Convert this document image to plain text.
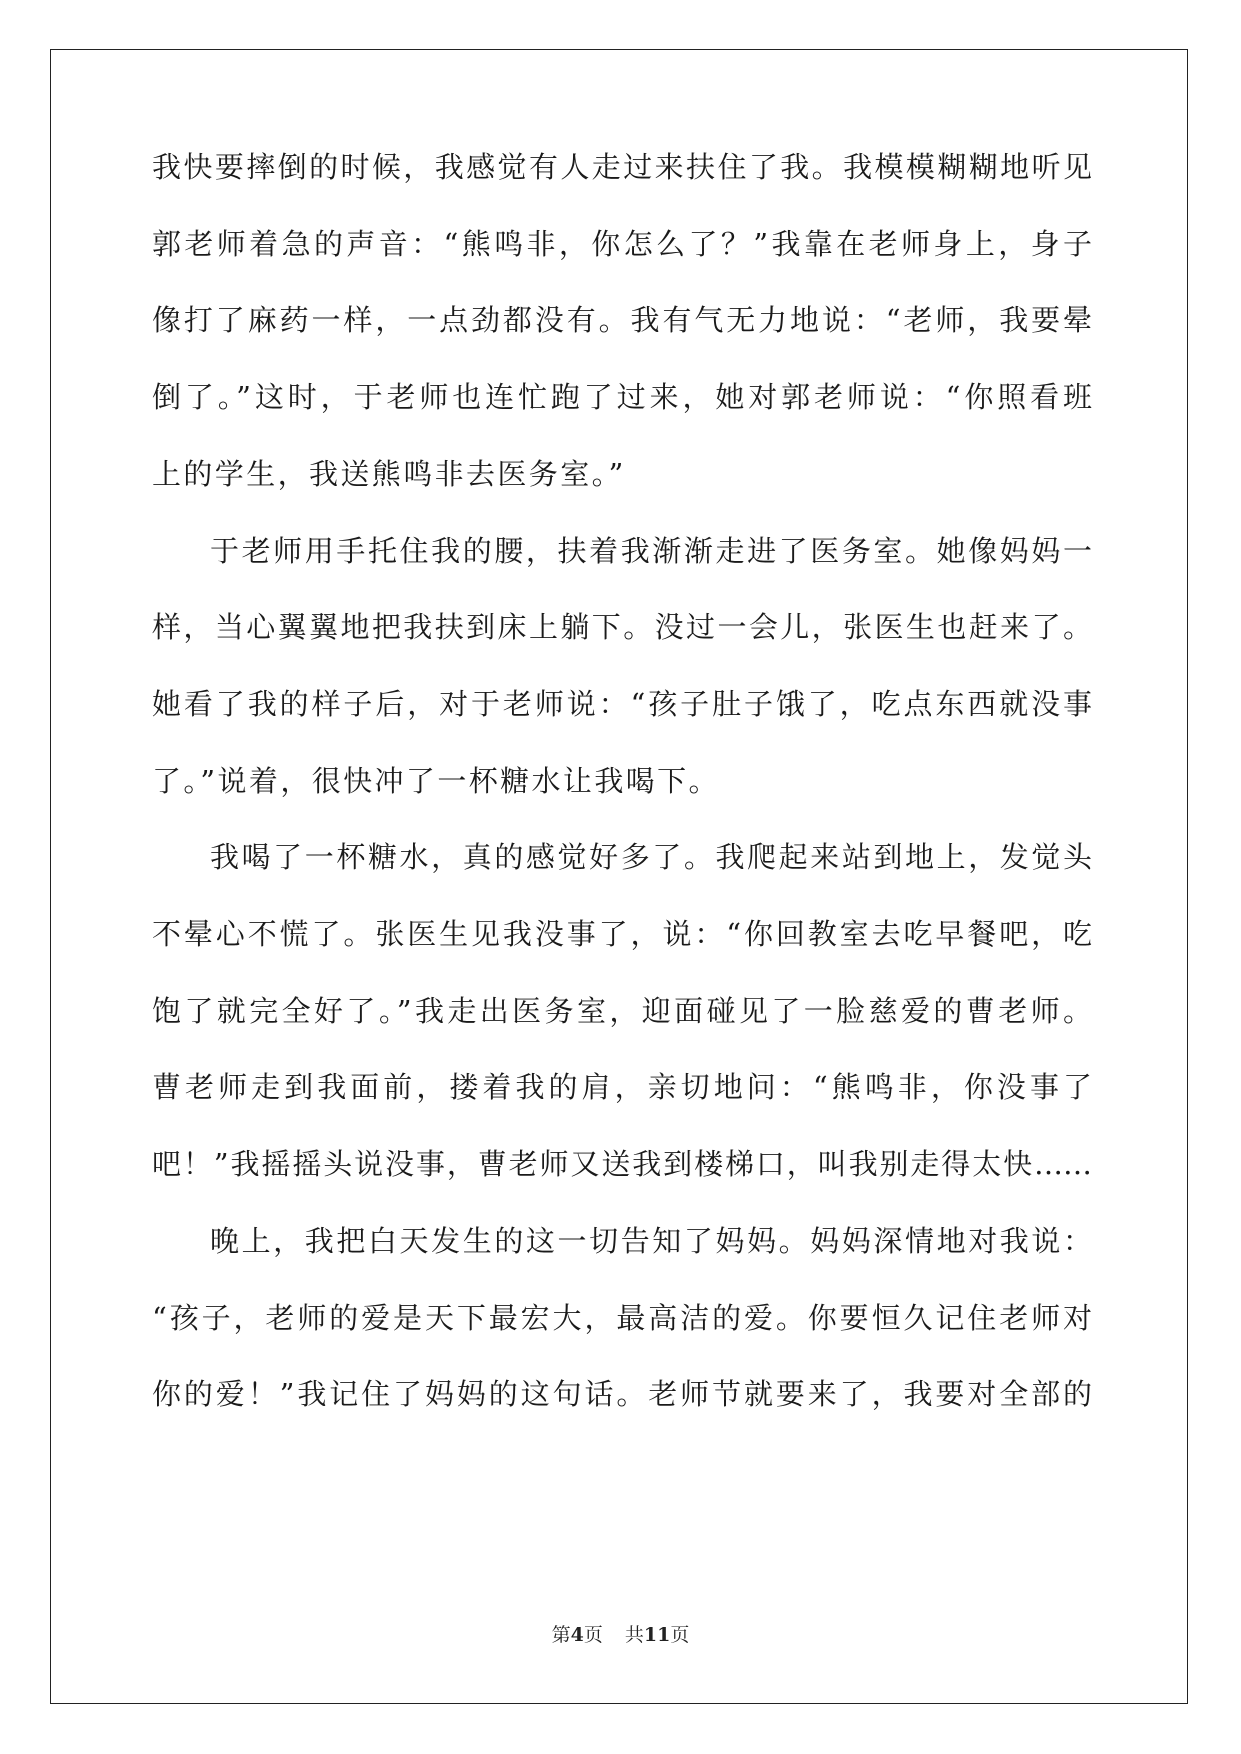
我快要摔倒的时候，我感觉有人走过来扶住了我。我模模糊糊地听见
郭老师着急的声音：“熊鸣非，你怎么了？”我靠在老师身上，身子
像打了麻药一样，一点劲都没有。我有气无力地说：“老师，我要晕
倒了。”这时，于老师也连忙跑了过来，她对郭老师说：“你照看班
上的学生，我送熊鸣非去医务室。”
于老师用手托住我的腰，扶着我渐渐走进了医务室。她像妈妈一
样，当心翼翼地把我扶到床上躺下。没过一会儿，张医生也赶来了。
她看了我的样子后，对于老师说：“孩子肚子饿了，吃点东西就没事
了。”说着，很快冲了一杯糖水让我喝下。
我喝了一杯糖水，真的感觉好多了。我爬起来站到地上，发觉头
不晕心不慌了。张医生见我没事了，说：“你回教室去吃早餐吧，吃
饱了就完全好了。”我走出医务室，迎面碰见了一脸慈爱的曹老师。
曹老师走到我面前，搂着我的肩，亲切地问：“熊鸣非，你没事了
吧！”我摇摇头说没事，曹老师又送我到楼梯口，叫我别走得太快……
晚上，我把白天发生的这一切告知了妈妈。妈妈深情地对我说：
“孩子，老师的爱是天下最宏大，最高洁的爱。你要恒久记住老师对
你的爱！”我记住了妈妈的这句话。老师节就要来了，我要对全部的
第4页 共11页
